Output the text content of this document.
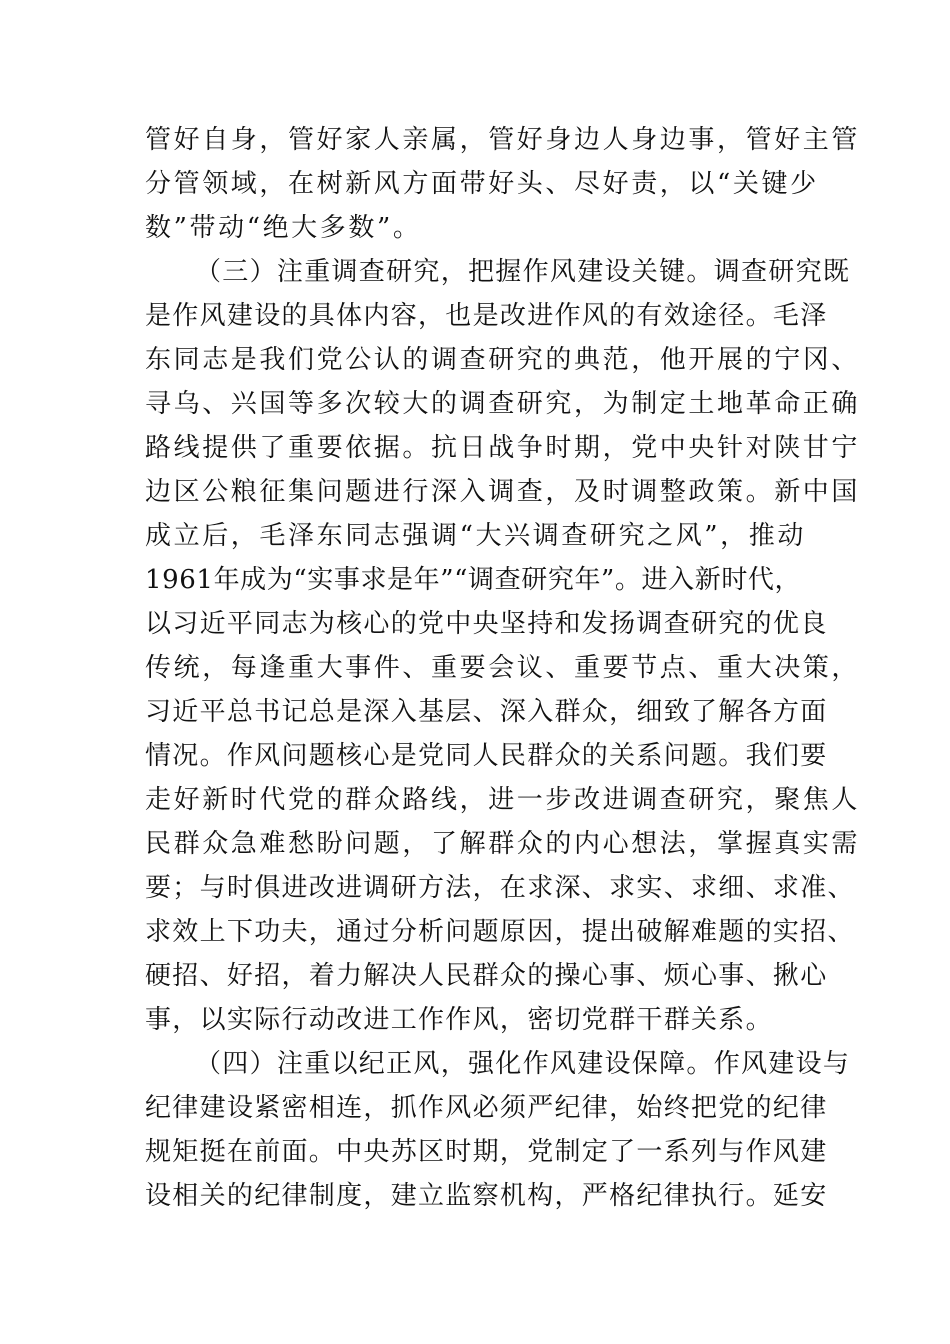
管好自身，管好家人亲属，管好身边人身边事，管好主管
分管领域，在树新风方面带好头、尽好责，以“关键少
数”带动“绝大多数”。
（三）注重调查研究，把握作风建设关键。调查研究既
是作风建设的具体内容，也是改进作风的有效途径。毛泽
东同志是我们党公认的调查研究的典范，他开展的宁冈、
寻乌、兴国等多次较大的调查研究，为制定土地革命正确
路线提供了重要依据。抗日战争时期，党中央针对陕甘宁
边区公粮征集问题进行深入调查，及时调整政策。新中国
成立后，毛泽东同志强调“大兴调查研究之风”，推动
1961年成为“实事求是年”“调查研究年”。进入新时代，
以习近平同志为核心的党中央坚持和发扬调查研究的优良
传统，每逢重大事件、重要会议、重要节点、重大决策，
习近平总书记总是深入基层、深入群众，细致了解各方面
情况。作风问题核心是党同人民群众的关系问题。我们要
走好新时代党的群众路线，进一步改进调查研究，聚焦人
民群众急难愁盼问题，了解群众的内心想法，掌握真实需
要；与时俱进改进调研方法，在求深、求实、求细、求准、
求效上下功夫，通过分析问题原因，提出破解难题的实招、
硬招、好招，着力解决人民群众的操心事、烦心事、揪心
事，以实际行动改进工作作风，密切党群干群关系。
（四）注重以纪正风，强化作风建设保障。作风建设与
纪律建设紧密相连，抓作风必须严纪律，始终把党的纪律
规矩挺在前面。中央苏区时期，党制定了一系列与作风建
设相关的纪律制度，建立监察机构，严格纪律执行。延安
